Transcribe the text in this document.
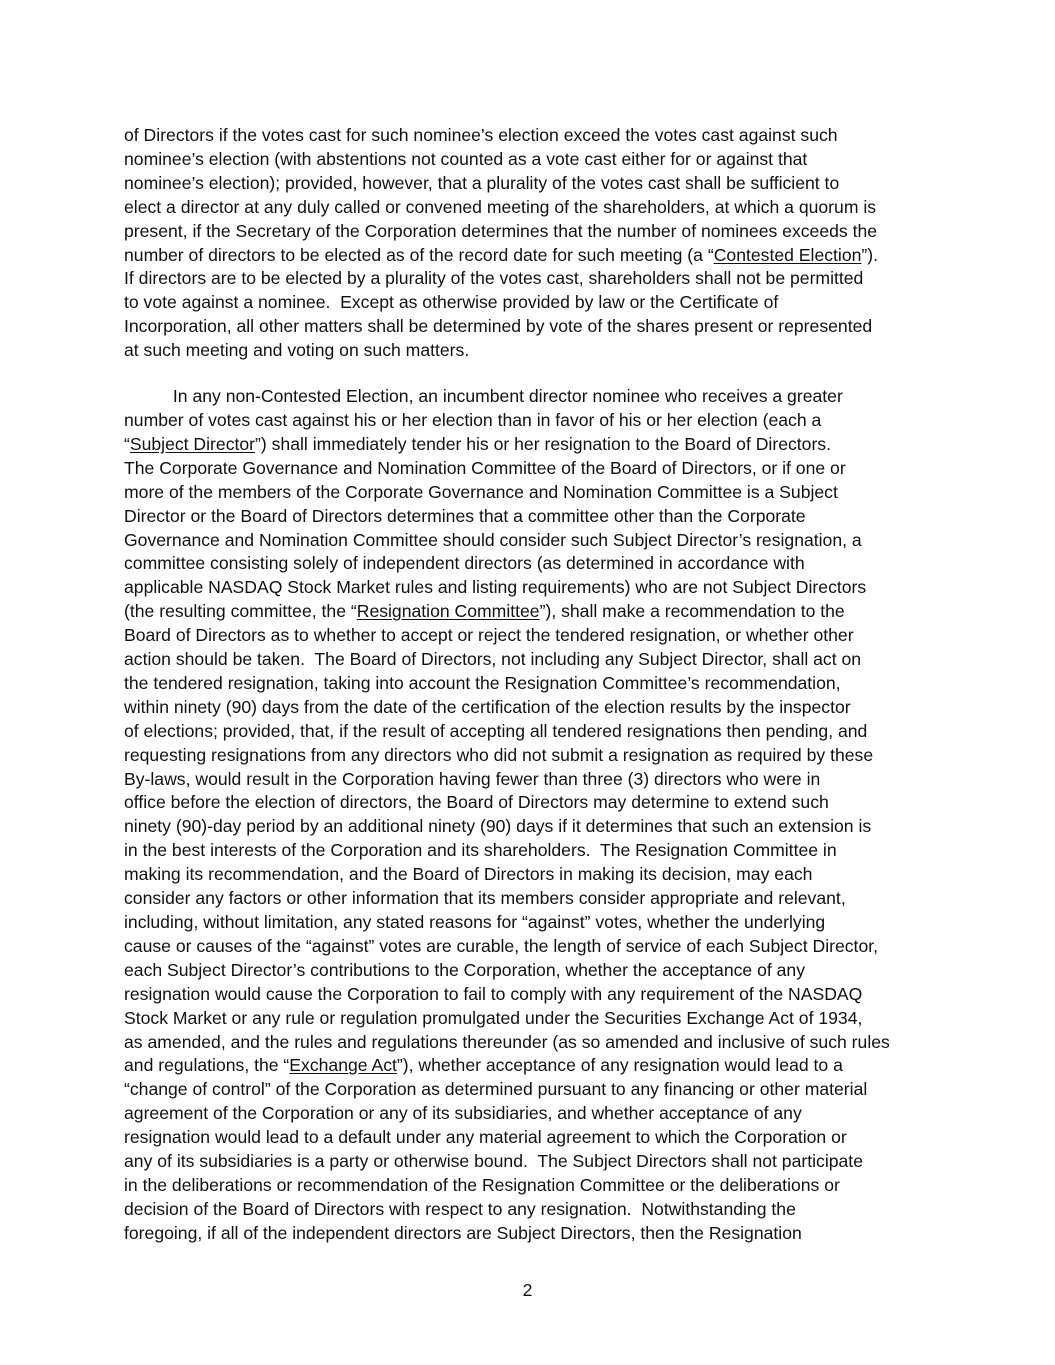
of Directors if the votes cast for such nominee’s election exceed the votes cast against such
nominee’s election (with abstentions not counted as a vote cast either for or against that
nominee’s election); provided, however, that a plurality of the votes cast shall be sufficient to
elect a director at any duly called or convened meeting of the shareholders, at which a quorum is
present, if the Secretary of the Corporation determines that the number of nominees exceeds the
number of directors to be elected as of the record date for such meeting (a “Contested Election”).
If directors are to be elected by a plurality of the votes cast, shareholders shall not be permitted
to vote against a nominee.  Except as otherwise provided by law or the Certificate of
Incorporation, all other matters shall be determined by vote of the shares present or represented
at such meeting and voting on such matters.
In any non-Contested Election, an incumbent director nominee who receives a greater
number of votes cast against his or her election than in favor of his or her election (each a
“Subject Director”) shall immediately tender his or her resignation to the Board of Directors.
The Corporate Governance and Nomination Committee of the Board of Directors, or if one or
more of the members of the Corporate Governance and Nomination Committee is a Subject
Director or the Board of Directors determines that a committee other than the Corporate
Governance and Nomination Committee should consider such Subject Director’s resignation, a
committee consisting solely of independent directors (as determined in accordance with
applicable NASDAQ Stock Market rules and listing requirements) who are not Subject Directors
(the resulting committee, the “Resignation Committee”), shall make a recommendation to the
Board of Directors as to whether to accept or reject the tendered resignation, or whether other
action should be taken.  The Board of Directors, not including any Subject Director, shall act on
the tendered resignation, taking into account the Resignation Committee’s recommendation,
within ninety (90) days from the date of the certification of the election results by the inspector
of elections; provided, that, if the result of accepting all tendered resignations then pending, and
requesting resignations from any directors who did not submit a resignation as required by these
By-laws, would result in the Corporation having fewer than three (3) directors who were in
office before the election of directors, the Board of Directors may determine to extend such
ninety (90)-day period by an additional ninety (90) days if it determines that such an extension is
in the best interests of the Corporation and its shareholders.  The Resignation Committee in
making its recommendation, and the Board of Directors in making its decision, may each
consider any factors or other information that its members consider appropriate and relevant,
including, without limitation, any stated reasons for “against” votes, whether the underlying
cause or causes of the “against” votes are curable, the length of service of each Subject Director,
each Subject Director’s contributions to the Corporation, whether the acceptance of any
resignation would cause the Corporation to fail to comply with any requirement of the NASDAQ
Stock Market or any rule or regulation promulgated under the Securities Exchange Act of 1934,
as amended, and the rules and regulations thereunder (as so amended and inclusive of such rules
and regulations, the “Exchange Act”), whether acceptance of any resignation would lead to a
“change of control” of the Corporation as determined pursuant to any financing or other material
agreement of the Corporation or any of its subsidiaries, and whether acceptance of any
resignation would lead to a default under any material agreement to which the Corporation or
any of its subsidiaries is a party or otherwise bound.  The Subject Directors shall not participate
in the deliberations or recommendation of the Resignation Committee or the deliberations or
decision of the Board of Directors with respect to any resignation.  Notwithstanding the
foregoing, if all of the independent directors are Subject Directors, then the Resignation
2
